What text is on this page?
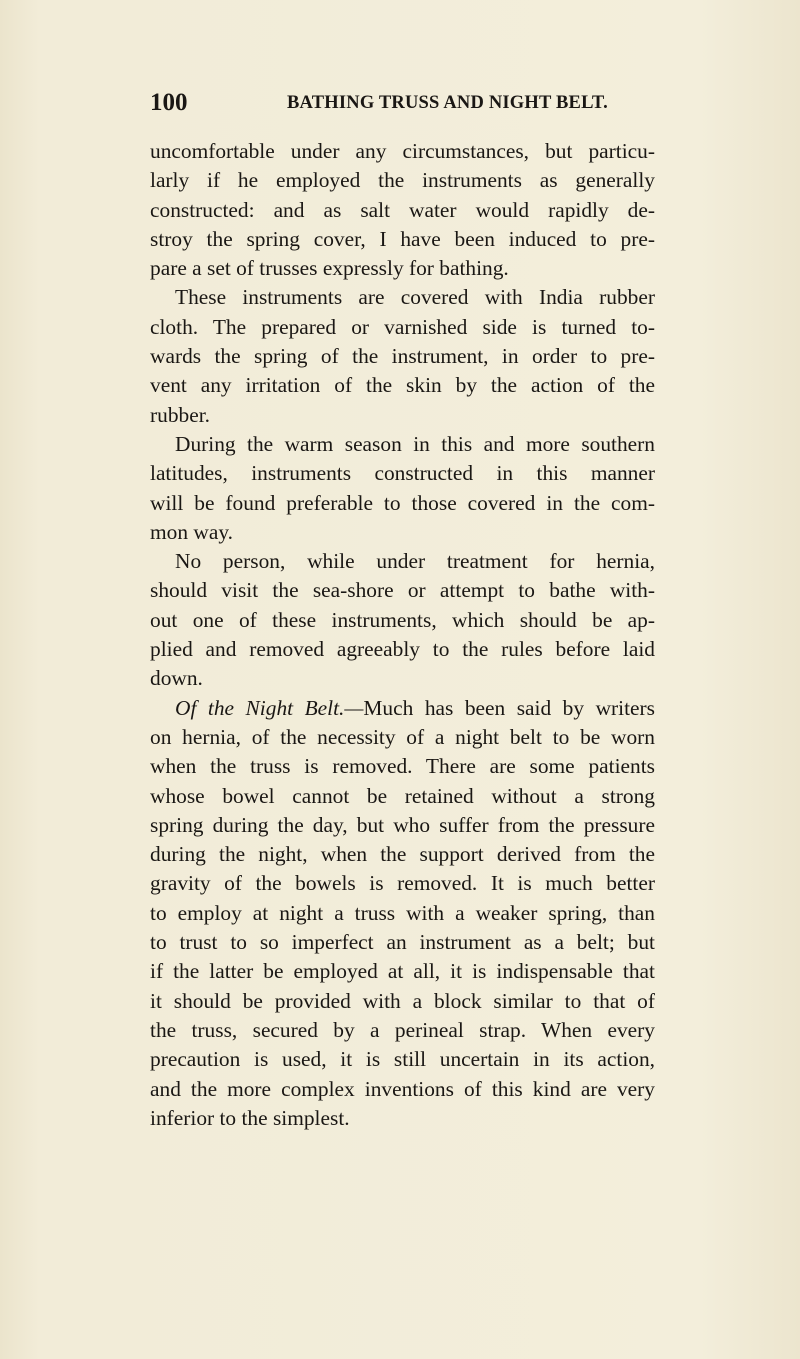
100	BATHING TRUSS AND NIGHT BELT.
uncomfortable under any circumstances, but particu-
larly if he employed the instruments as generally
constructed: and as salt water would rapidly de-
stroy the spring cover, I have been induced to pre-
pare a set of trusses expressly for bathing.
These instruments are covered with India rubber
cloth. The prepared or varnished side is turned to-
wards the spring of the instrument, in order to pre-
vent any irritation of the skin by the action of the
rubber.
During the warm season in this and more southern
latitudes, instruments constructed in this manner
will be found preferable to those covered in the com-
mon way.
No person, while under treatment for hernia,
should visit the sea-shore or attempt to bathe with-
out one of these instruments, which should be ap-
plied and removed agreeably to the rules before laid
down.
Of the Night Belt.—Much has been said by writers
on hernia, of the necessity of a night belt to be worn
when the truss is removed. There are some patients
whose bowel cannot be retained without a strong
spring during the day, but who suffer from the pressure
during the night, when the support derived from the
gravity of the bowels is removed. It is much better
to employ at night a truss with a weaker spring, than
to trust to so imperfect an instrument as a belt; but
if the latter be employed at all, it is indispensable that
it should be provided with a block similar to that of
the truss, secured by a perineal strap. When every
precaution is used, it is still uncertain in its action,
and the more complex inventions of this kind are very
inferior to the simplest.
